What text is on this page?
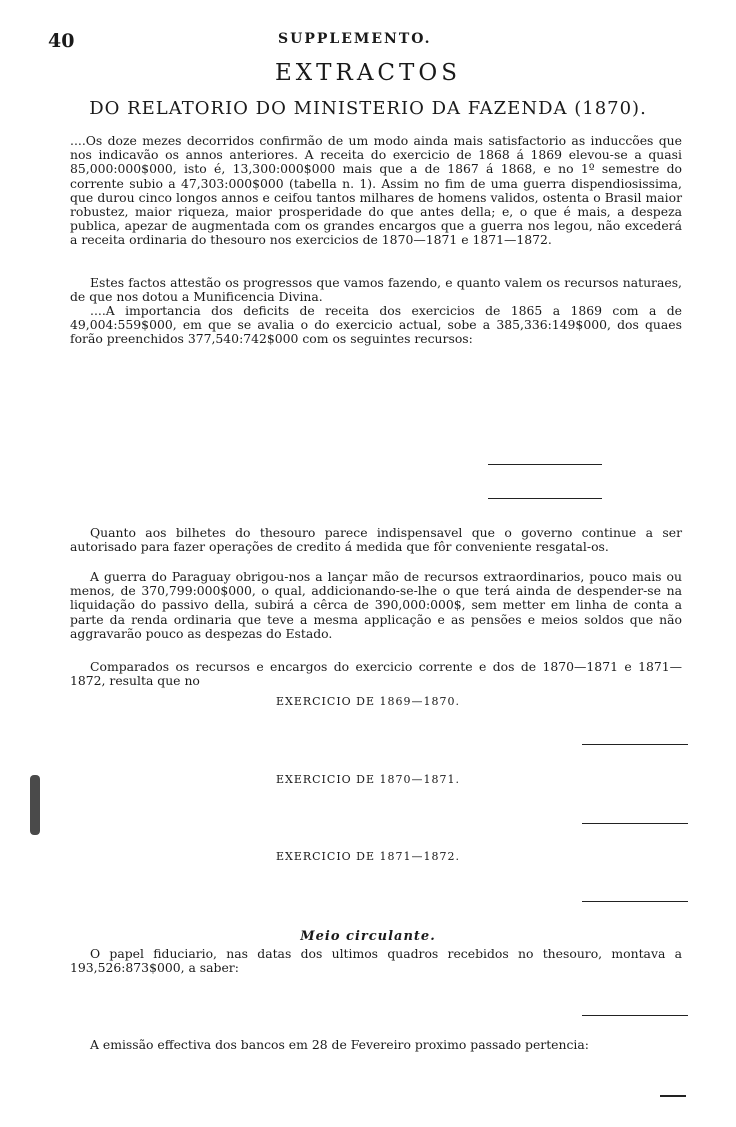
40	SUPPLEMENTO.
EXTRACTOS
DO RELATORIO DO MINISTERIO DA FAZENDA (1870).

....Os doze mezes decorridos confirmão de um modo ainda mais satisfactorio as induccões que nos indicavão os annos anteriores. A receita do exercicio de 1868 á 1869 elevou-se a quasi 85,000:000$000, isto é, 13,300:000$000 mais que a de 1867 á 1868, e no 1º semestre do corrente subio a 47,303:000$000 (tabella n. 1). Assim no fim de uma guerra dispendiosissima, que durou cinco longos annos e ceifou tantos milhares de homens validos, ostenta o Brasil maior robustez, maior riqueza, maior prosperidade do que antes della; e, o que é mais, a despeza publica, apezar de augmentada com os grandes encargos que a guerra nos legou, não excederá a receita ordinaria do thesouro nos exercicios de 1870—1871 e 1871—1872.

Estes factos attestão os progressos que vamos fazendo, e quanto valem os recursos naturaes, de que nos dotou a Munificencia Divina.

....A importancia dos deficits de receita dos exercicios de 1865 a 1869 com a de 49,004:559$000, em que se avalia o do exercicio actual, sobe a 385,336:149$000, dos quaes forão preenchidos 377,540:742$000 com os seguintes recursos:

Quanto aos bilhetes do thesouro parece indispensavel que o governo continue a ser autorisado para fazer operações de credito á medida que fôr conveniente resgatal-os.

A guerra do Paraguay obrigou-nos a lançar mão de recursos extraordinarios, pouco mais ou menos, de 370,799:000$000, o qual, addicionando-se-lhe o que terá ainda de despender-se na liquidação do passivo della, subirá a cêrca de 390,000:000$, sem metter em linha de conta a parte da renda ordinaria que teve a mesma applicação e as pensões e meios soldos que não aggravarão pouco as despezas do Estado.

Comparados os recursos e encargos do exercicio corrente e dos de 1870—1871 e 1871—1872, resulta que no

EXERCICIO DE 1869—1870.
EXERCICIO DE 1870—1871.
EXERCICIO DE 1871—1872.
Meio circulante.

O papel fiduciario, nas datas dos ultimos quadros recebidos no thesouro, montava a 193,526:873$000, a saber:

A emissão effectiva dos bancos em 28 de Fevereiro proximo passado pertencia:
